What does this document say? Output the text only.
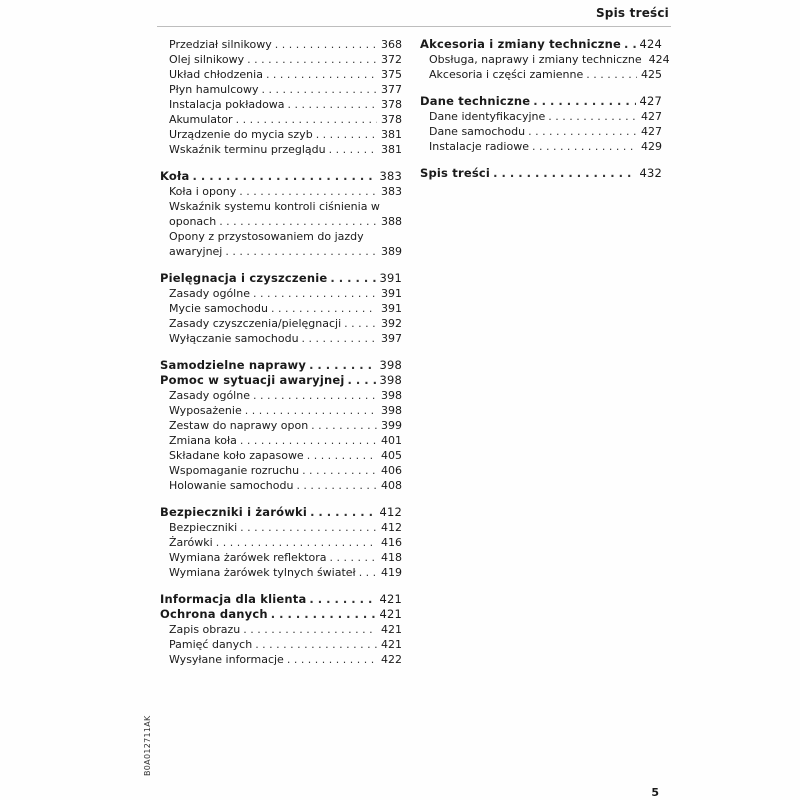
Spis treści
Przedział silnikowy . . .	368
Olej silnikowy . . .	372
Układ chłodzenia . . .	375
Płyn hamulcowy . . .	377
Instalacja pokładowa . . .	378
Akumulator . . .	378
Urządzenie do mycia szyb . . .	381
Wskaźnik terminu przeglądu . . .	381
Koła . . .	383
Koła i opony . . .	383
Wskaźnik systemu kontroli ciśnienia w
oponach . . .	388
Opony z przystosowaniem do jazdy
awaryjnej . . .	389
Pielęgnacja i czyszczenie . . .	391
Zasady ogólne . . .	391
Mycie samochodu . . .	391
Zasady czyszczenia/pielęgnacji . . .	392
Wyłączanie samochodu . . .	397
Samodzielne naprawy . . .	398
Pomoc w sytuacji awaryjnej . . .	398
Zasady ogólne . . .	398
Wyposażenie . . .	398
Zestaw do naprawy opon . . .	399
Zmiana koła . . .	401
Składane koło zapasowe . . .	405
Wspomaganie rozruchu . . .	406
Holowanie samochodu . . .	408
Bezpieczniki i żarówki . . .	412
Bezpieczniki . . .	412
Żarówki . . .	416
Wymiana żarówek reflektora . . .	418
Wymiana żarówek tylnych świateł . . . 419
Informacja dla klienta . . .	421
Ochrona danych . . .	421
Zapis obrazu . . .	421
Pamięć danych . . .	421
Wysyłane informacje . . .	422
Akcesoria i zmiany techniczne . . . 424
Obsługa, naprawy i zmiany techniczne 424
Akcesoria i części zamienne . . .	425
Dane techniczne . . .	427
Dane identyfikacyjne . . .	427
Dane samochodu . . .	427
Instalacje radiowe . . .	429
Spis treści . . .	432
B0A012711AK
5
